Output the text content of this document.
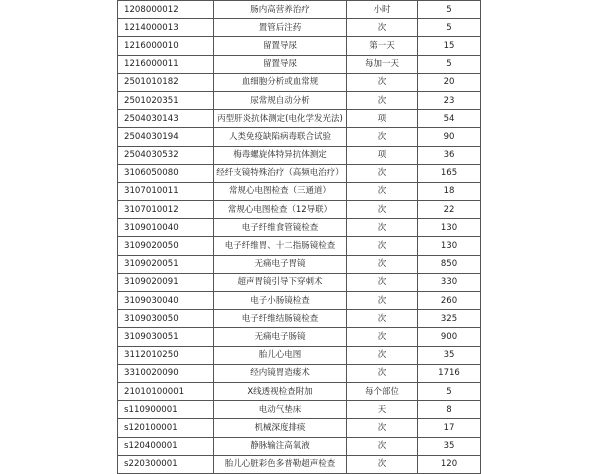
1208000012	肠内高营养治疗	小时	5
1214000013	置管后注药	次	5
1216000010	留置导尿	第一天	15
1216000011	留置导尿	每加一天	5
2501010182	血细胞分析或血常规	次	20
2501020351	尿常规自动分析	次	23
2504030143	丙型肝炎抗体测定(电化学发光法)	项	54
2504030194	人类免疫缺陷病毒联合试验	次	90
2504030532	梅毒螺旋体特异抗体测定	项	36
3106050080	经纤支镜特殊治疗（高频电治疗）	次	165
3107010011	常规心电图检查（三通道）	次	18
3107010012	常规心电图检查（12导联）	次	22
3109010040	电子纤维食管镜检查	次	130
3109020050	电子纤维胃、十二指肠镜检查	次	130
3109020051	无痛电子胃镜	次	850
3109020091	超声胃镜引导下穿刺术	次	330
3109030040	电子小肠镜检查	次	260
3109030050	电子纤维结肠镜检查	次	325
3109030051	无痛电子肠镜	次	900
3112010250	胎儿心电图	次	35
3310020090	经内镜胃造瘘术	次	1716
21010100001	X线透视检查附加	每个部位	5
s110900001	电动气垫床	天	8
s120100001	机械深度排痰	次	17
s120400001	静脉输注高氧液	次	35
s220300001	胎儿心脏彩色多普勒超声检查	次	120
